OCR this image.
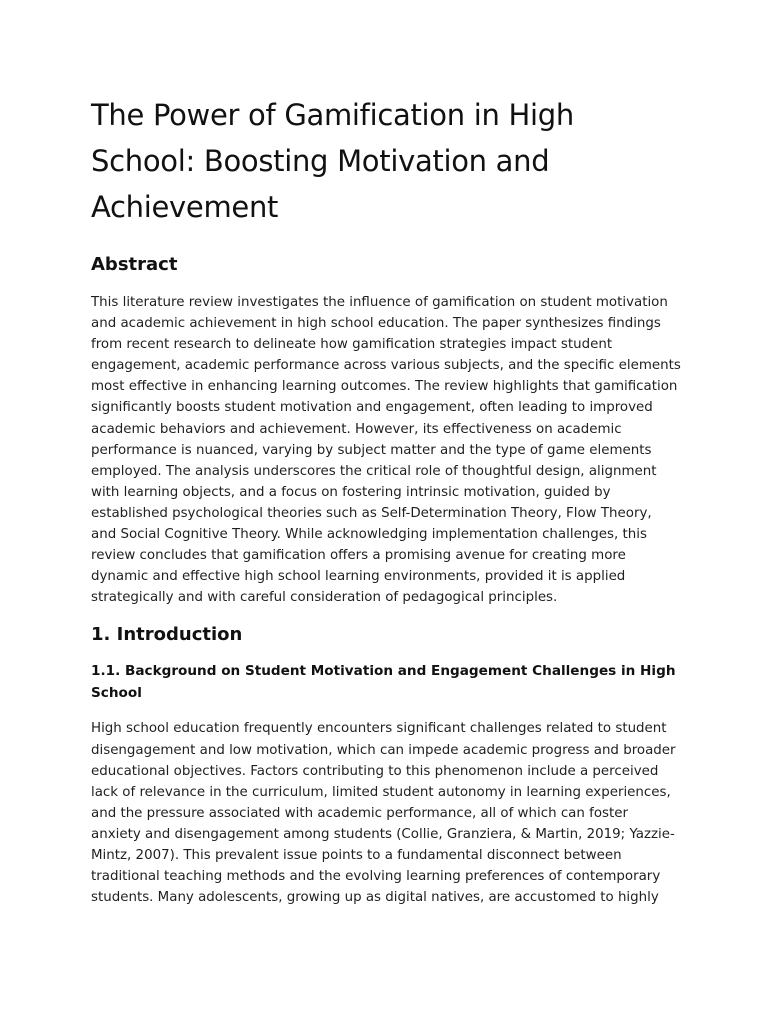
The Power of Gamification in High School: Boosting Motivation and Achievement
Abstract

This literature review investigates the influence of gamification on student motivation and academic achievement in high school education. The paper synthesizes findings from recent research to delineate how gamification strategies impact student engagement, academic performance across various subjects, and the specific elements most effective in enhancing learning outcomes. The review highlights that gamification significantly boosts student motivation and engagement, often leading to improved academic behaviors and achievement. However, its effectiveness on academic performance is nuanced, varying by subject matter and the type of game elements employed. The analysis underscores the critical role of thoughtful design, alignment with learning objects, and a focus on fostering intrinsic motivation, guided by established psychological theories such as Self-Determination Theory, Flow Theory, and Social Cognitive Theory. While acknowledging implementation challenges, this review concludes that gamification offers a promising avenue for creating more dynamic and effective high school learning environments, provided it is applied strategically and with careful consideration of pedagogical principles.

1. Introduction
1.1. Background on Student Motivation and Engagement Challenges in High School

High school education frequently encounters significant challenges related to student disengagement and low motivation, which can impede academic progress and broader educational objectives. Factors contributing to this phenomenon include a perceived lack of relevance in the curriculum, limited student autonomy in learning experiences, and the pressure associated with academic performance, all of which can foster anxiety and disengagement among students (Collie, Granziera, & Martin, 2019; Yazzie-Mintz, 2007). This prevalent issue points to a fundamental disconnect between traditional teaching methods and the evolving learning preferences of contemporary students. Many adolescents, growing up as digital natives, are accustomed to highly
